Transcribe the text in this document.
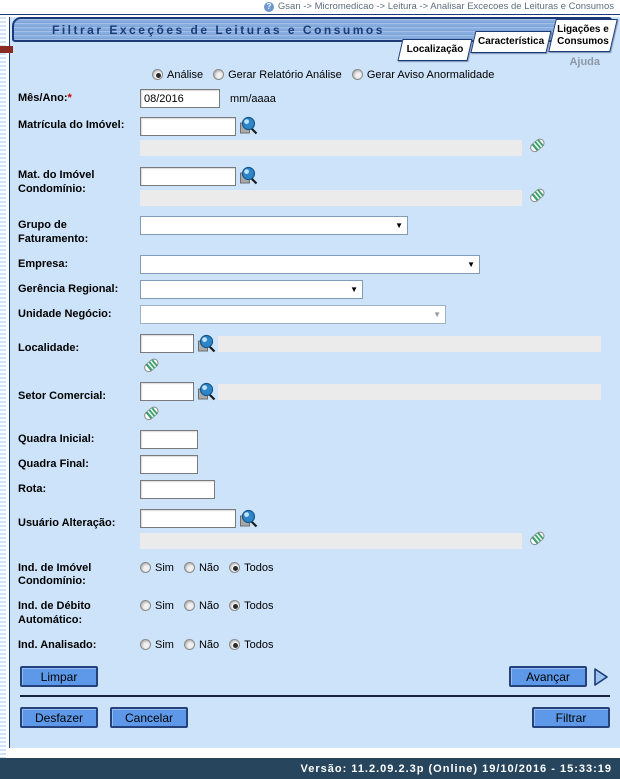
? Gsan -> Micromedicao -> Leitura -> Analisar Excecoes de Leituras e Consumos
Filtrar Exceções de Leituras e Consumos
Localização
Característica
Ligações e Consumos
Ajuda
Análise Gerar Relatório Análise Gerar Aviso Anormalidade
Mês/Ano:*
08/2016	mm/aaaa
Matrícula do Imóvel:
Mat. do Imóvel Condomínio:
Grupo de Faturamento:
▼
Empresa:	▼
Gerência Regional:	▼
Unidade Negócio:	▼
Localidade:
Setor Comercial:
Quadra Inicial:
Quadra Final:
Rota:
Usuário Alteração:
Ind. de Imóvel Condomínio:
Sim Não Todos
Ind. de Débito Automático:
Sim Não Todos
Ind. Analisado:	Sim Não Todos
Limpar	Avançar
Desfazer	Cancelar	Filtrar
Versão: 11.2.09.2.3p (Online) 19/10/2016 - 15:33:19
